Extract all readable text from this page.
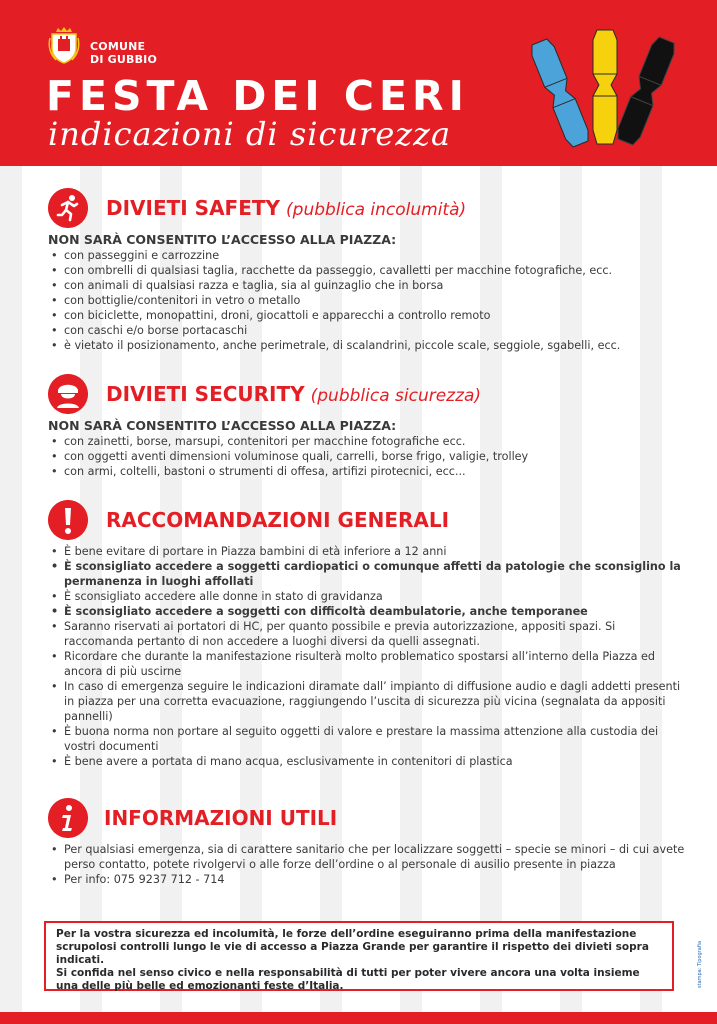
COMUNE
DI GUBBIO
FESTA DEI CERI
indicazioni di sicurezza
DIVIETI SAFETY (pubblica incolumità)
NON SARÀ CONSENTITO L’ACCESSO ALLA PIAZZA:
• con passeggini e carrozzine
• con ombrelli di qualsiasi taglia, racchette da passeggio, cavalletti per macchine fotografiche, ecc.
• con animali di qualsiasi razza e taglia, sia al guinzaglio che in borsa
• con bottiglie/contenitori in vetro o metallo
• con biciclette, monopattini, droni, giocattoli e apparecchi a controllo remoto
• con caschi e/o borse portacaschi
• è vietato il posizionamento, anche perimetrale, di scalandrini, piccole scale, seggiole, sgabelli, ecc.
DIVIETI SECURITY (pubblica sicurezza)
NON SARÀ CONSENTITO L’ACCESSO ALLA PIAZZA:
• con zainetti, borse, marsupi, contenitori per macchine fotografiche ecc.
• con oggetti aventi dimensioni voluminose quali, carrelli, borse frigo, valigie, trolley
• con armi, coltelli, bastoni o strumenti di offesa, artifizi pirotecnici, ecc...
RACCOMANDAZIONI GENERALI
• È bene evitare di portare in Piazza bambini di età inferiore a 12 anni
• È sconsigliato accedere a soggetti cardiopatici o comunque affetti da patologie che sconsiglino la permanenza in luoghi affollati
• È sconsigliato accedere alle donne in stato di gravidanza
• È sconsigliato accedere a soggetti con difficoltà deambulatorie, anche temporanee
• Saranno riservati ai portatori di HC, per quanto possibile e previa autorizzazione, appositi spazi. Si raccomanda pertanto di non accedere a luoghi diversi da quelli assegnati.
• Ricordare che durante la manifestazione risulterà molto problematico spostarsi all’interno della Piazza ed ancora di più uscirne
• In caso di emergenza seguire le indicazioni diramate dall’ impianto di diffusione audio e dagli addetti presenti in piazza per una corretta evacuazione, raggiungendo l’uscita di sicurezza più vicina (segnalata da appositi pannelli)
• È buona norma non portare al seguito oggetti di valore e prestare la massima attenzione alla custodia dei vostri documenti
• È bene avere a portata di mano acqua, esclusivamente in contenitori di plastica
INFORMAZIONI UTILI
• Per qualsiasi emergenza, sia di carattere sanitario che per localizzare soggetti – specie se minori – di cui avete perso contatto, potete rivolgervi o alle forze dell’ordine o al personale di ausilio presente in piazza
• Per info: 075 9237 712 - 714

Per la vostra sicurezza ed incolumità, le forze dell’ordine eseguiranno prima della manifestazione scrupolosi controlli lungo le vie di accesso a Piazza Grande per garantire il rispetto dei divieti sopra indicati.

Si confida nel senso civico e nella responsabilità di tutti per poter vivere ancora una volta insieme una delle più belle ed emozionanti feste d’Italia.	stampa: Tipografia
